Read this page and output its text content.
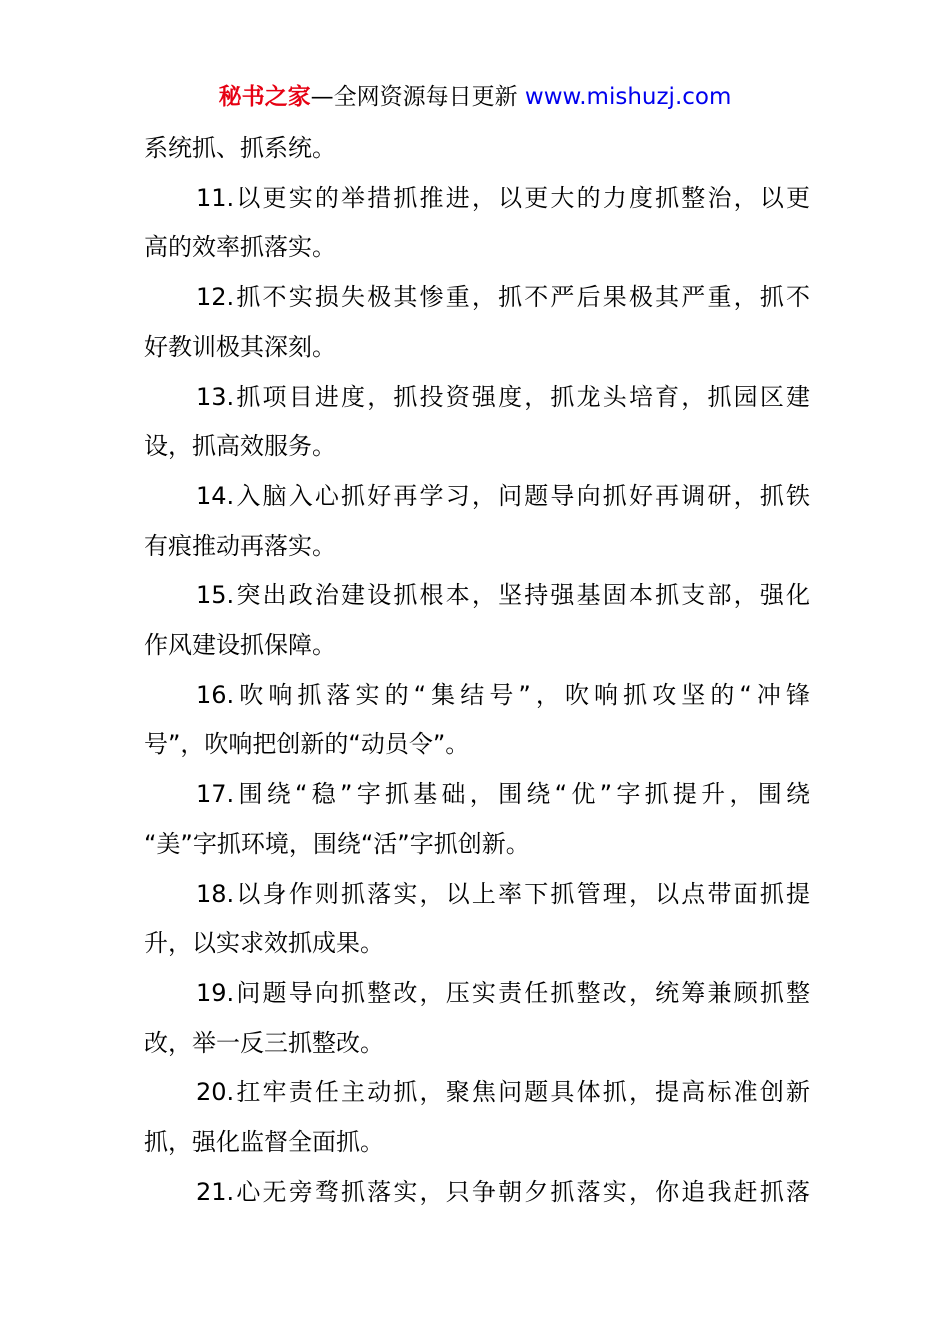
秘书之家—全网资源每日更新 www.mishuzj.com
系统抓、抓系统。
11.以更实的举措抓推进，以更大的力度抓整治，以更
高的效率抓落实。
12.抓不实损失极其惨重，抓不严后果极其严重，抓不
好教训极其深刻。
13.抓项目进度，抓投资强度，抓龙头培育，抓园区建
设，抓高效服务。
14.入脑入心抓好再学习，问题导向抓好再调研，抓铁
有痕推动再落实。
15.突出政治建设抓根本，坚持强基固本抓支部，强化
作风建设抓保障。
16.吹响抓落实的“集结号”，吹响抓攻坚的“冲锋
号”，吹响把创新的“动员令”。
17.围绕“稳”字抓基础，围绕“优”字抓提升，围绕
“美”字抓环境，围绕“活”字抓创新。
18.以身作则抓落实，以上率下抓管理，以点带面抓提
升，以实求效抓成果。
19.问题导向抓整改，压实责任抓整改，统筹兼顾抓整
改，举一反三抓整改。
20.扛牢责任主动抓，聚焦问题具体抓，提高标准创新
抓，强化监督全面抓。
21.心无旁骛抓落实，只争朝夕抓落实，你追我赶抓落
